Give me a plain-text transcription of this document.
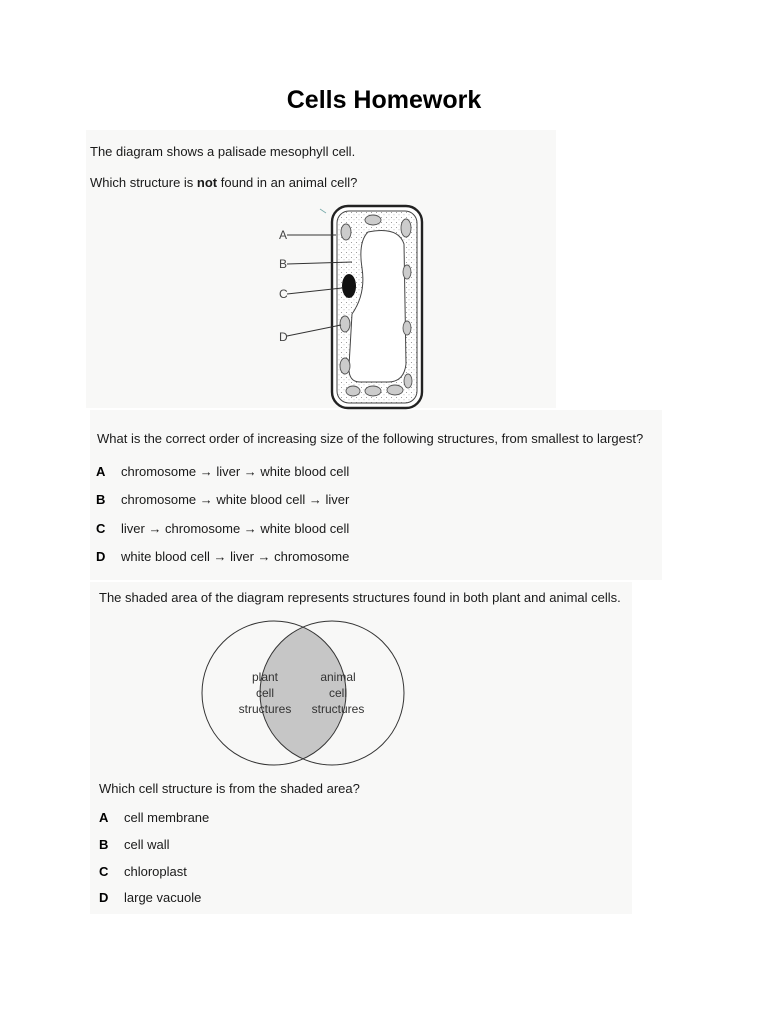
Cells Homework
The diagram shows a palisade mesophyll cell.
Which structure is not found in an animal cell?
A
B
C
D
What is the correct order of increasing size of the following structures, from smallest to largest?
A chromosome → liver → white blood cell
B chromosome → white blood cell → liver
C liver → chromosome → white blood cell
D white blood cell → liver → chromosome
The shaded area of the diagram represents structures found in both plant and animal cells.
plant
cell
structures
animal
cell
structures
Which cell structure is from the shaded area?
A cell membrane
B cell wall
C chloroplast
D large vacuole
